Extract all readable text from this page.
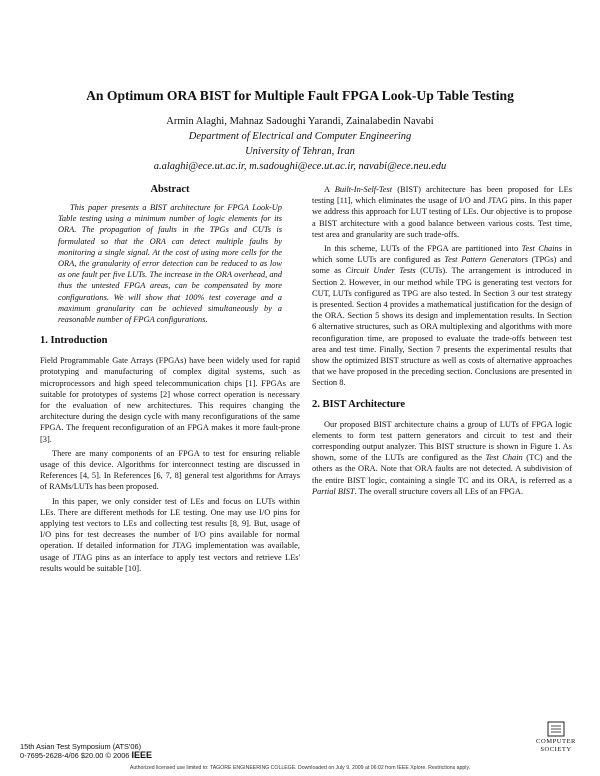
An Optimum ORA BIST for Multiple Fault FPGA Look-Up Table Testing
Armin Alaghi, Mahnaz Sadoughi Yarandi, Zainalabedin Navabi
Department of Electrical and Computer Engineering
University of Tehran, Iran
a.alaghi@ece.ut.ac.ir, m.sadoughi@ece.ut.ac.ir, navabi@ece.neu.edu
Abstract
This paper presents a BIST architecture for FPGA Look-Up Table testing using a minimum number of logic elements for its ORA. The propagation of faults in the TPGs and CUTs is formulated so that the ORA can detect multiple faults by monitoring a single signal. At the cost of using more cells for the ORA, the granularity of error detection can be reduced to as low as one fault per five LUTs. The increase in the ORA overhead, and thus the untested FPGA areas, can be compensated by more configurations. We will show that 100% test coverage and a maximum granularity can be achieved simultaneously by a reasonable number of FPGA configurations.
1. Introduction

Field Programmable Gate Arrays (FPGAs) have been widely used for rapid prototyping and manufacturing of complex digital systems, such as microprocessors and high speed telecommunication chips [1]. FPGAs are suitable for prototypes of systems [2] whose correct operation is necessary for the evaluation of new architectures. This requires changing the architecture during the design cycle with many reconfigurations of the same FPGA. The frequent reconfiguration of an FPGA makes it more fault-prone [3].

There are many components of an FPGA to test for ensuring reliable usage of this device. Algorithms for interconnect testing are discussed in References [4, 5]. In References [6, 7, 8] general test algorithms for Arrays of RAMs/LUTs has been proposed.

In this paper, we only consider test of LEs and focus on LUTs within LEs. There are different methods for LE testing. One may use I/O pins for applying test vectors to LEs and collecting test results [8, 9]. But, usage of I/O pins for test decreases the number of I/O pins available for normal operation. If detailed information for JTAG implementation was available, usage of JTAG pins as an interface to apply test vectors and retrieve LEs' results would be suitable [10].

A Built-In-Self-Test (BIST) architecture has been proposed for LEs testing [11], which eliminates the usage of I/O and JTAG pins. In this paper we address this approach for LUT testing of LEs. Our objective is to propose a BIST architecture with a good balance between various costs. Test time, test area and granularity are such trade-offs.

In this scheme, LUTs of the FPGA are partitioned into Test Chains in which some LUTs are configured as Test Pattern Generators (TPGs) and some as Circuit Under Tests (CUTs). The arrangement is introduced in Section 2. However, in our method while TPG is generating test vectors for CUT, LUTs configured as TPG are also tested. In Section 3 our test strategy is presented. Section 4 provides a mathematical justification for the design of the ORA. Section 5 shows its design and implementation results. In Section 6 alternative structures, such as ORA multiplexing and algorithms with more reconfiguration time, are proposed to evaluate the trade-offs between test area and test time. Finally, Section 7 presents the experimental results that show the optimized BIST structure as well as costs of alternative approaches that we have proposed in the preceding section. Conclusions are presented in Section 8.

2. BIST Architecture

Our proposed BIST architecture chains a group of LUTs of FPGA logic elements to form test pattern generators and circuit to test and their corresponding output analyzer. This BIST structure is shown in Figure 1. As shown, some of the LUTs are configured as the Test Chain (TC) and the others as the ORA. Note that ORA faults are not detected. A subdivision of the entire BIST logic, containing a single TC and its ORA, is referred as a Partial BIST. The overall structure covers all LEs of an FPGA.

15th Asian Test Symposium (ATS'06)
0-7695-2628-4/06 $20.00 © 2006 IEEE
COMPUTER
SOCIETY
Authorized licensed use limited to: TAGORE ENGINEERING COLLEGE. Downloaded on July 9, 2009 at 06:02 from IEEE Xplore. Restrictions apply.
